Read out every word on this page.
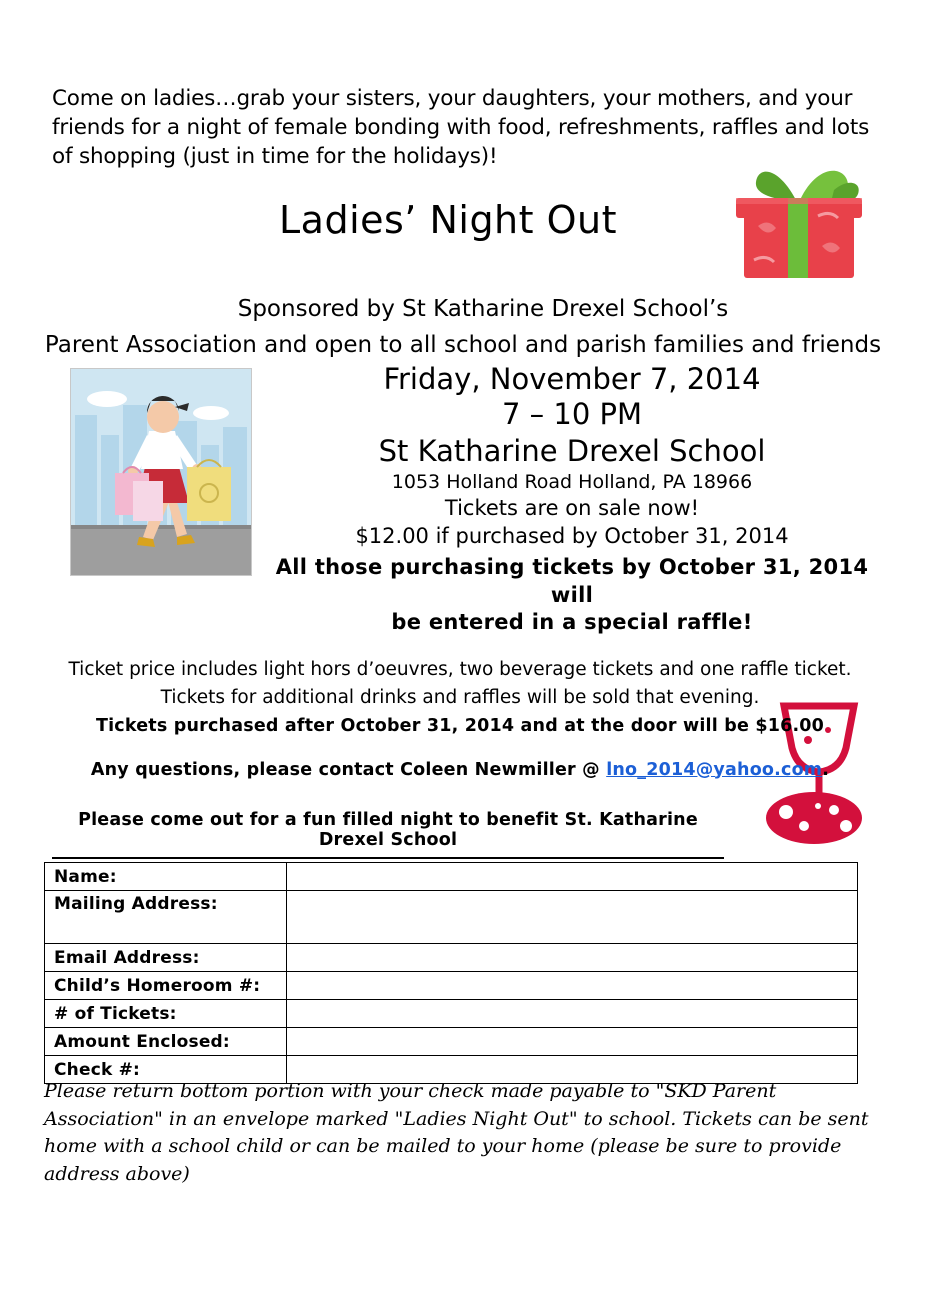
Come on ladies…grab your sisters, your daughters, your mothers, and your friends for a night of female bonding with food, refreshments, raffles and lots of shopping (just in time for the holidays)!
Ladies’ Night Out
Sponsored by St Katharine Drexel School’s
Parent Association and open to all school and parish families and friends
Friday, November 7, 2014
7 – 10 PM
St Katharine Drexel School
1053 Holland Road Holland, PA 18966
Tickets are on sale now!
$12.00 if purchased by October 31, 2014
All those purchasing tickets by October 31, 2014 will
be entered in a special raffle!
Ticket price includes light hors d’oeuvres, two beverage tickets and one raffle ticket.
Tickets for additional drinks and raffles will be sold that evening.
Tickets purchased after October 31, 2014 and at the door will be $16.00
Any questions, please contact Coleen Newmiller @ lno_2014@yahoo.com.
Please come out for a fun filled night to benefit St. Katharine Drexel School
Name:	
Mailing Address:	
Email Address:	
Child’s Homeroom #:	
# of Tickets:	
Amount Enclosed:	
Check #:	
Please return bottom portion with your check made payable to "SKD Parent Association" in an envelope marked "Ladies Night Out" to school. Tickets can be sent home with a school child or can be mailed to your home (please be sure to provide address above)
